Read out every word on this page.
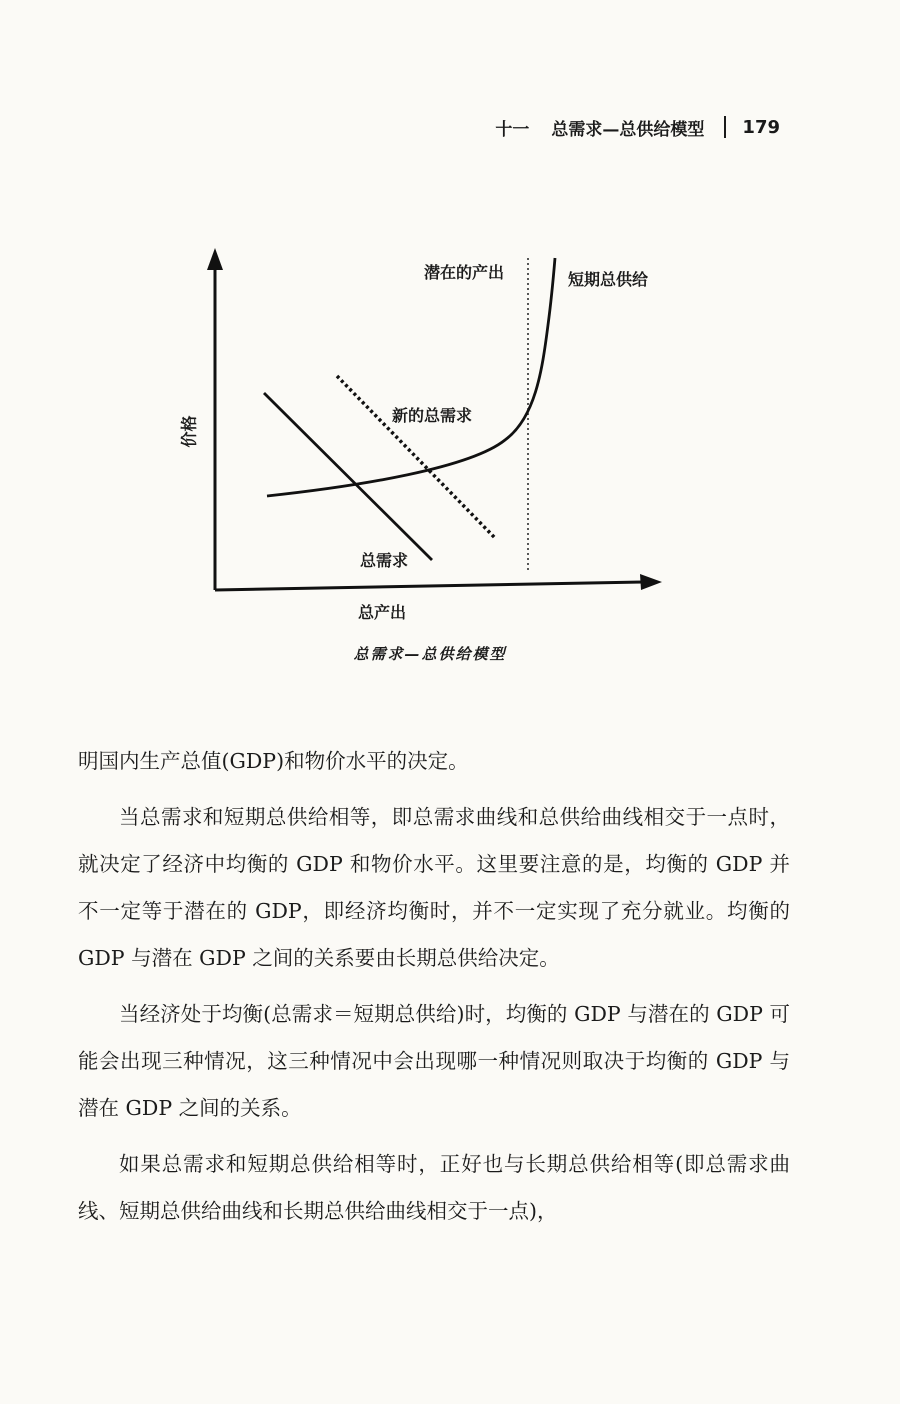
十一 总需求—总供给模型 179
价格
总产出
潜在的产出	短期总供给
新的总需求
总需求
总需求—总供给模型

明国内生产总值(GDP)和物价水平的决定。

当总需求和短期总供给相等，即总需求曲线和总供给曲线相交于一点时，就决定了经济中均衡的 GDP 和物价水平。这里要注意的是，均衡的 GDP 并不一定等于潜在的 GDP，即经济均衡时，并不一定实现了充分就业。均衡的 GDP 与潜在 GDP 之间的关系要由长期总供给决定。

当经济处于均衡(总需求＝短期总供给)时，均衡的 GDP 与潜在的 GDP 可能会出现三种情况，这三种情况中会出现哪一种情况则取决于均衡的 GDP 与潜在 GDP 之间的关系。

如果总需求和短期总供给相等时，正好也与长期总供给相等(即总需求曲线、短期总供给曲线和长期总供给曲线相交于一点)，
